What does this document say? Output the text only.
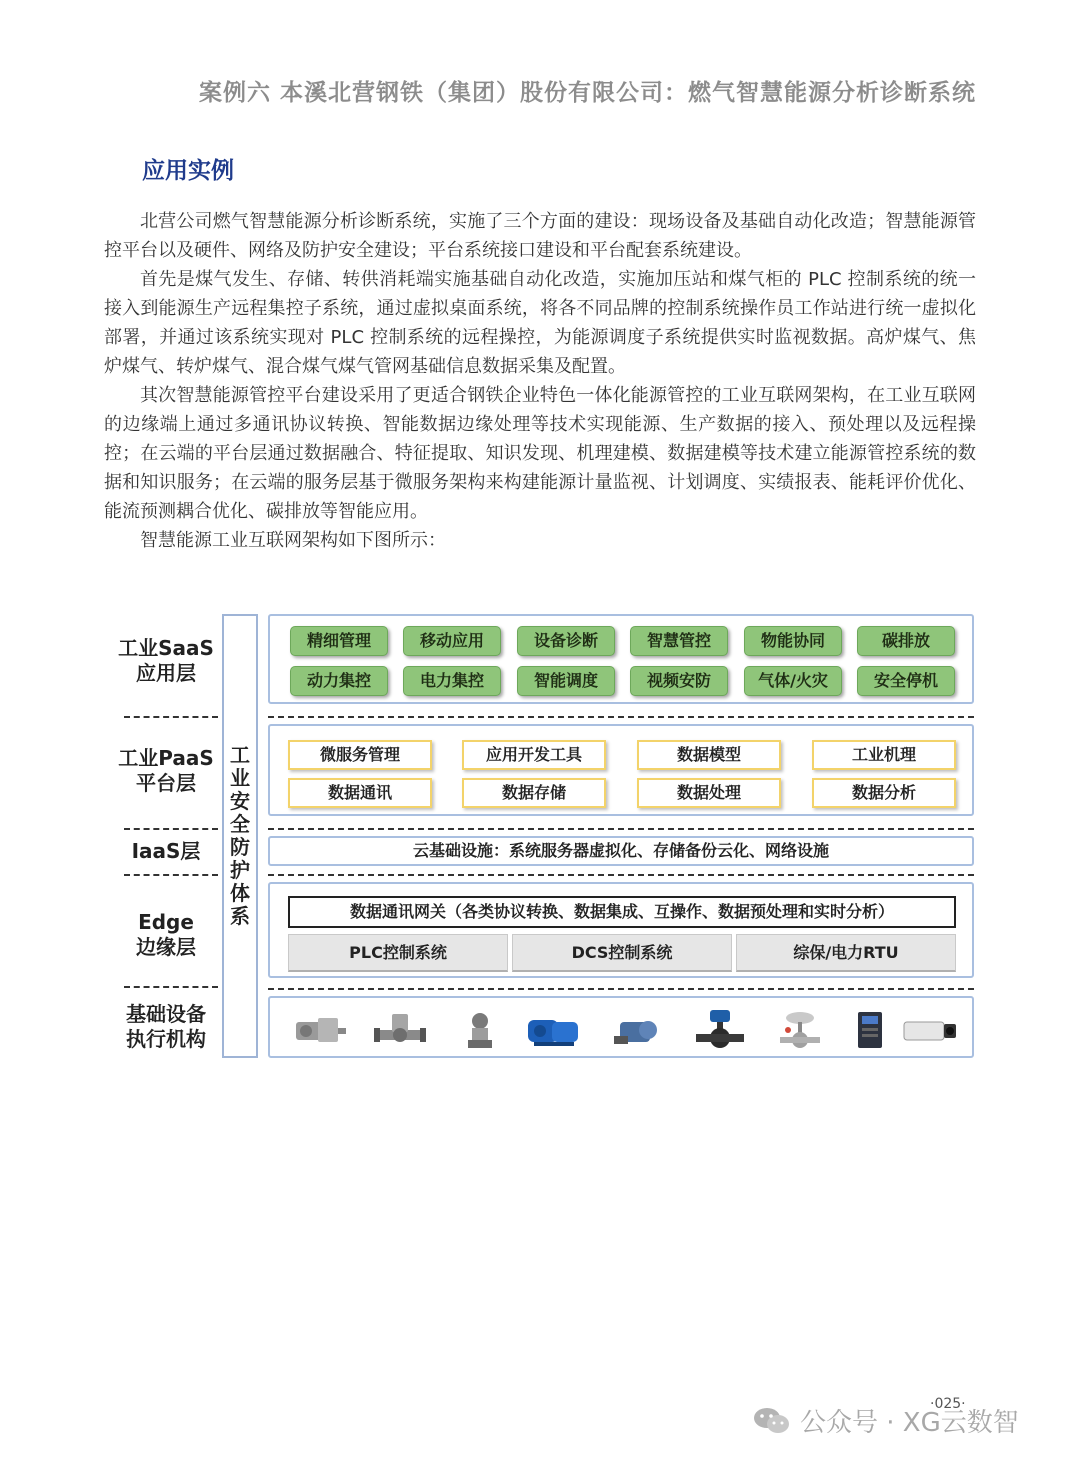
案例六 本溪北营钢铁（集团）股份有限公司：燃气智慧能源分析诊断系统
应用实例

北营公司燃气智慧能源分析诊断系统，实施了三个方面的建设：现场设备及基础自动化改造；智慧能源管控平台以及硬件、网络及防护安全建设；平台系统接口建设和平台配套系统建设。

首先是煤气发生、存储、转供消耗端实施基础自动化改造，实施加压站和煤气柜的 PLC 控制系统的统一接入到能源生产远程集控子系统，通过虚拟桌面系统，将各不同品牌的控制系统操作员工作站进行统一虚拟化部署，并通过该系统实现对 PLC 控制系统的远程操控，为能源调度子系统提供实时监视数据。高炉煤气、焦炉煤气、转炉煤气、混合煤气煤气管网基础信息数据采集及配置。

其次智慧能源管控平台建设采用了更适合钢铁企业特色一体化能源管控的工业互联网架构，在工业互联网的边缘端上通过多通讯协议转换、智能数据边缘处理等技术实现能源、生产数据的接入、预处理以及远程操控；在云端的平台层通过数据融合、特征提取、知识发现、机理建模、数据建模等技术建立能源管控系统的数据和知识服务；在云端的服务层基于微服务架构来构建能源计量监视、计划调度、实绩报表、能耗评价优化、能流预测耦合优化、碳排放等智能应用。

智慧能源工业互联网架构如下图所示：

工业SaaS
应用层
工业PaaS
平台层
IaaS层
Edge
边缘层
基础设备
执行机构
工业安全防护体系
精细管理	移动应用	设备诊断	智慧管控	物能协同	碳排放
动力集控	电力集控	智能调度	视频安防	气体/火灾	安全停机
微服务管理	应用开发工具	数据模型	工业机理
数据通讯	数据存储	数据处理	数据分析
云基础设施：系统服务器虚拟化、存储备份云化、网络设施
数据通讯网关（各类协议转换、数据集成、互操作、数据预处理和实时分析）
PLC控制系统	DCS控制系统	综保/电力RTU
·025·
公众号 · XG云数智
